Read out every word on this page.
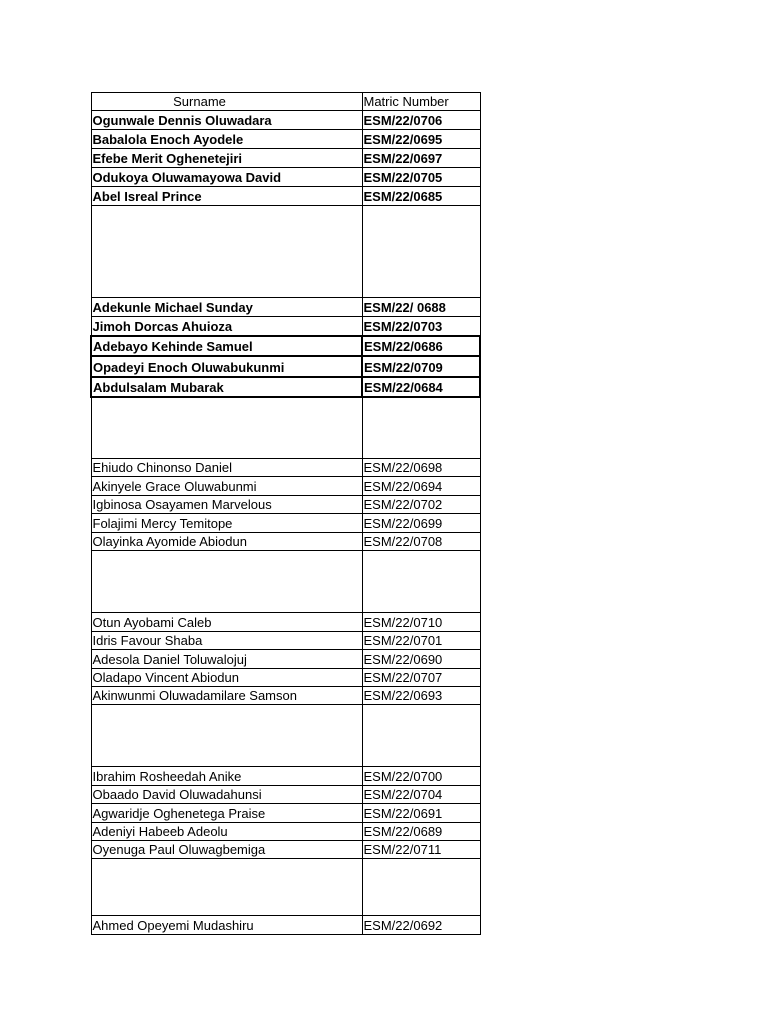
Surname	Matric Number
Ogunwale Dennis Oluwadara	ESM/22/0706
Babalola Enoch Ayodele	ESM/22/0695
Efebe Merit Oghenetejiri	ESM/22/0697
Odukoya Oluwamayowa David	ESM/22/0705
Abel Isreal Prince	ESM/22/0685

Adekunle Michael Sunday	ESM/22/ 0688
Jimoh Dorcas Ahuioza	ESM/22/0703
Adebayo Kehinde Samuel	ESM/22/0686
Opadeyi Enoch Oluwabukunmi	ESM/22/0709
Abdulsalam Mubarak	ESM/22/0684

Ehiudo Chinonso Daniel	ESM/22/0698
Akinyele Grace Oluwabunmi	ESM/22/0694
Igbinosa Osayamen Marvelous	ESM/22/0702
Folajimi Mercy Temitope	ESM/22/0699
Olayinka Ayomide Abiodun	ESM/22/0708

Otun Ayobami Caleb	ESM/22/0710
Idris Favour Shaba	ESM/22/0701
Adesola Daniel Toluwalojuj	ESM/22/0690
Oladapo Vincent Abiodun	ESM/22/0707
Akinwunmi Oluwadamilare Samson	ESM/22/0693

Ibrahim Rosheedah Anike	ESM/22/0700
Obaado David Oluwadahunsi	ESM/22/0704
Agwaridje Oghenetega Praise	ESM/22/0691
Adeniyi Habeeb Adeolu	ESM/22/0689
Oyenuga Paul Oluwagbemiga	ESM/22/0711

Ahmed Opeyemi Mudashiru	ESM/22/0692
